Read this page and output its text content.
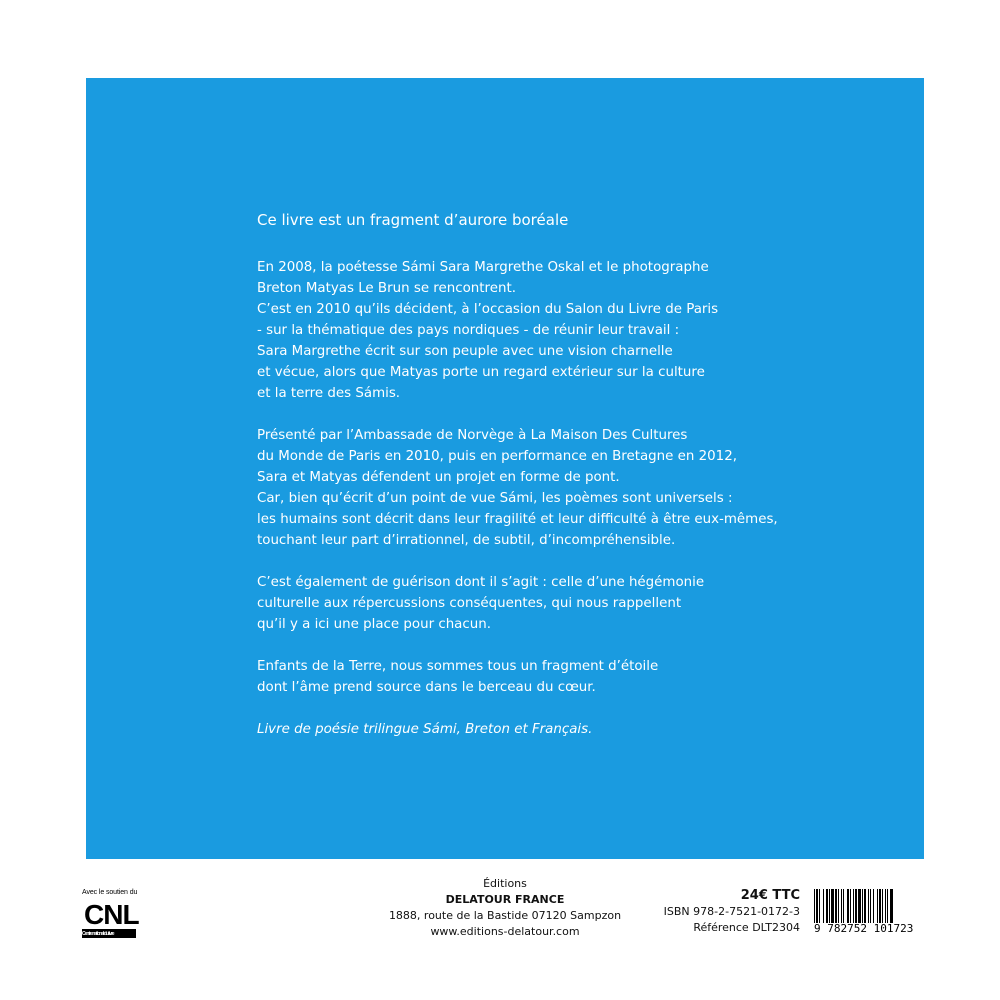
Ce livre est un fragment d’aurore boréale
En 2008, la poétesse Sámi Sara Margrethe Oskal et le photographe
Breton Matyas Le Brun se rencontrent.
C’est en 2010 qu’ils décident, à l’occasion du Salon du Livre de Paris
- sur la thématique des pays nordiques - de réunir leur travail :
Sara Margrethe écrit sur son peuple avec une vision charnelle
et vécue, alors que Matyas porte un regard extérieur sur la culture
et la terre des Sámis.
Présenté par l’Ambassade de Norvège à La Maison Des Cultures
du Monde de Paris en 2010, puis en performance en Bretagne en 2012,
Sara et Matyas défendent un projet en forme de pont.
Car, bien qu’écrit d’un point de vue Sámi, les poèmes sont universels :
les humains sont décrit dans leur fragilité et leur difficulté à être eux-mêmes,
touchant leur part d’irrationnel, de subtil, d’incompréhensible.
C’est également de guérison dont il s’agit : celle d’une hégémonie
culturelle aux répercussions conséquentes, qui nous rappellent
qu’il y a ici une place pour chacun.
Enfants de la Terre, nous sommes tous un fragment d’étoile
dont l’âme prend source dans le berceau du cœur.
Livre de poésie trilingue Sámi, Breton et Français.
Avec le soutien du
CNL
Centre national du livre
Éditions
DELATOUR FRANCE
1888, route de la Bastide 07120 Sampzon
www.editions-delatour.com
24€ TTC
ISBN 978-2-7521-0172-3
Référence DLT2304 9 782752 101723
